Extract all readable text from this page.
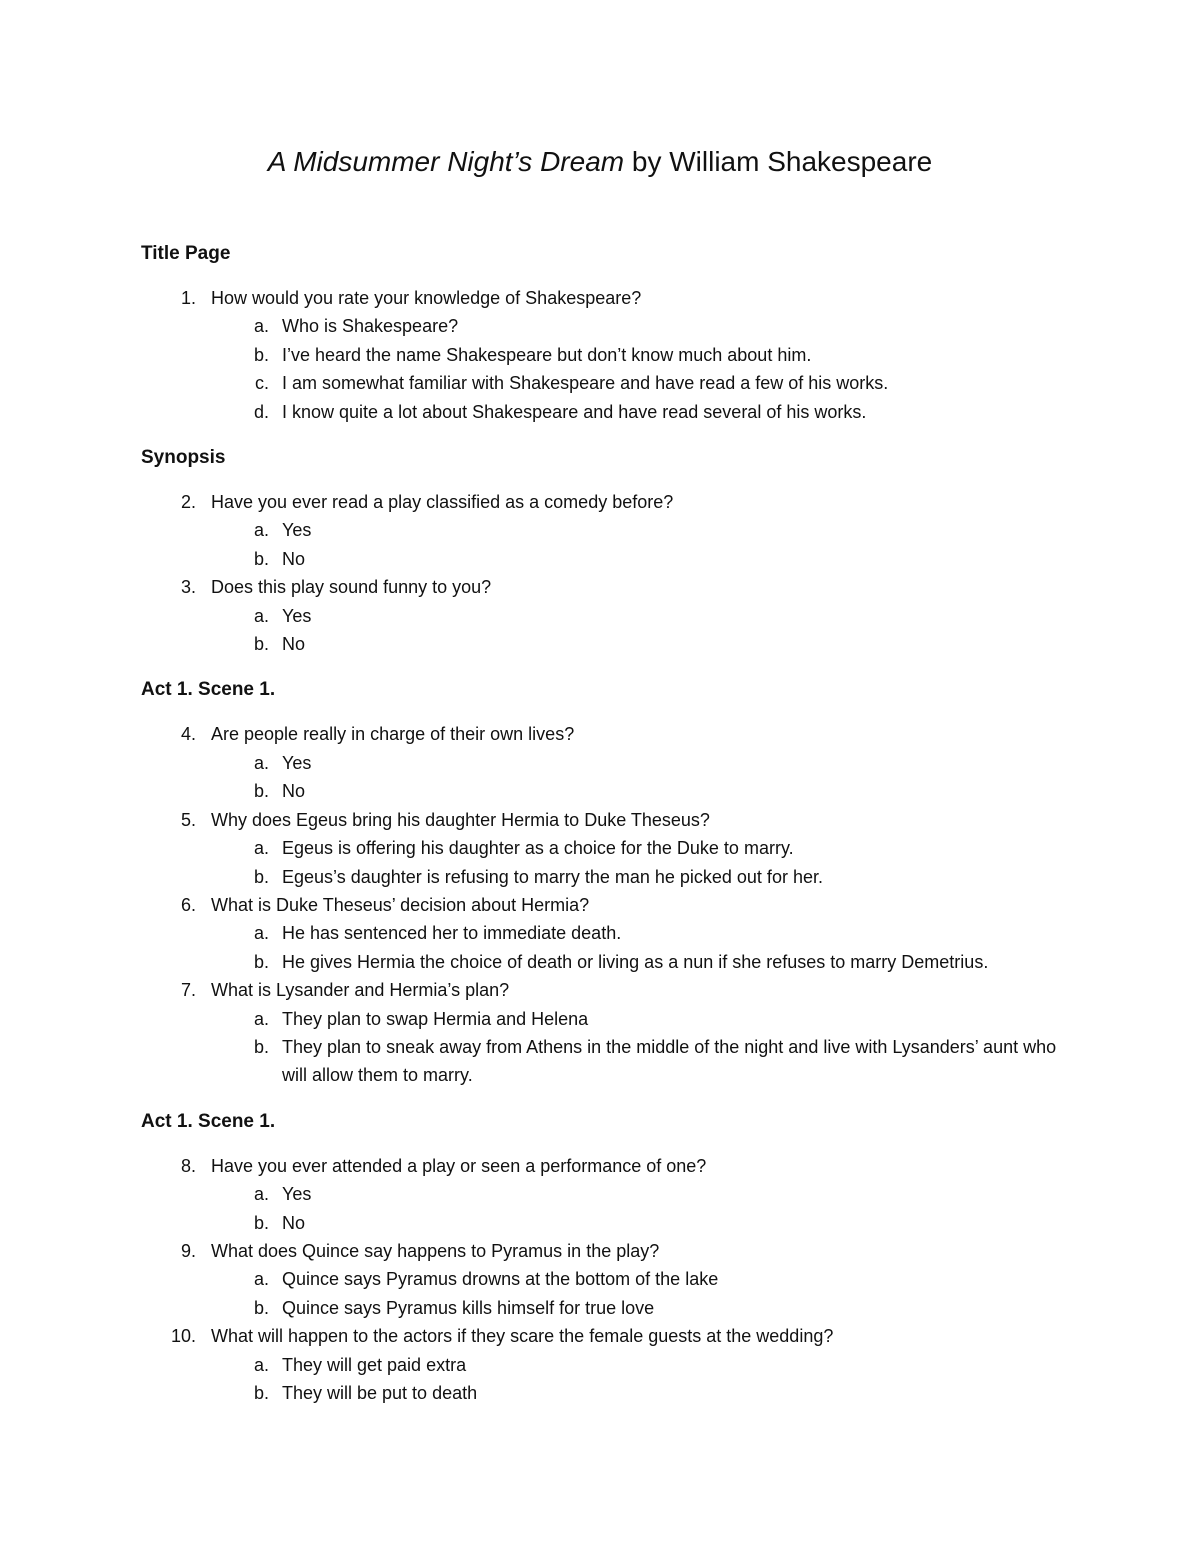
A Midsummer Night’s Dream by William Shakespeare
Title Page
1. How would you rate your knowledge of Shakespeare?
a. Who is Shakespeare?
b. I’ve heard the name Shakespeare but don’t know much about him.
c. I am somewhat familiar with Shakespeare and have read a few of his works.
d. I know quite a lot about Shakespeare and have read several of his works.
Synopsis
2. Have you ever read a play classified as a comedy before?
a. Yes
b. No
3. Does this play sound funny to you?
a. Yes
b. No
Act 1. Scene 1.
4. Are people really in charge of their own lives?
a. Yes
b. No
5. Why does Egeus bring his daughter Hermia to Duke Theseus?
a. Egeus is offering his daughter as a choice for the Duke to marry.
b. Egeus’s daughter is refusing to marry the man he picked out for her.
6. What is Duke Theseus’ decision about Hermia?
a. He has sentenced her to immediate death.
b. He gives Hermia the choice of death or living as a nun if she refuses to marry Demetrius.
7. What is Lysander and Hermia’s plan?
a. They plan to swap Hermia and Helena
b. They plan to sneak away from Athens in the middle of the night and live with Lysanders’ aunt who will allow them to marry.
Act 1. Scene 1.
8. Have you ever attended a play or seen a performance of one?
a. Yes
b. No
9. What does Quince say happens to Pyramus in the play?
a. Quince says Pyramus drowns at the bottom of the lake
b. Quince says Pyramus kills himself for true love
10. What will happen to the actors if they scare the female guests at the wedding?
a. They will get paid extra
b. They will be put to death
